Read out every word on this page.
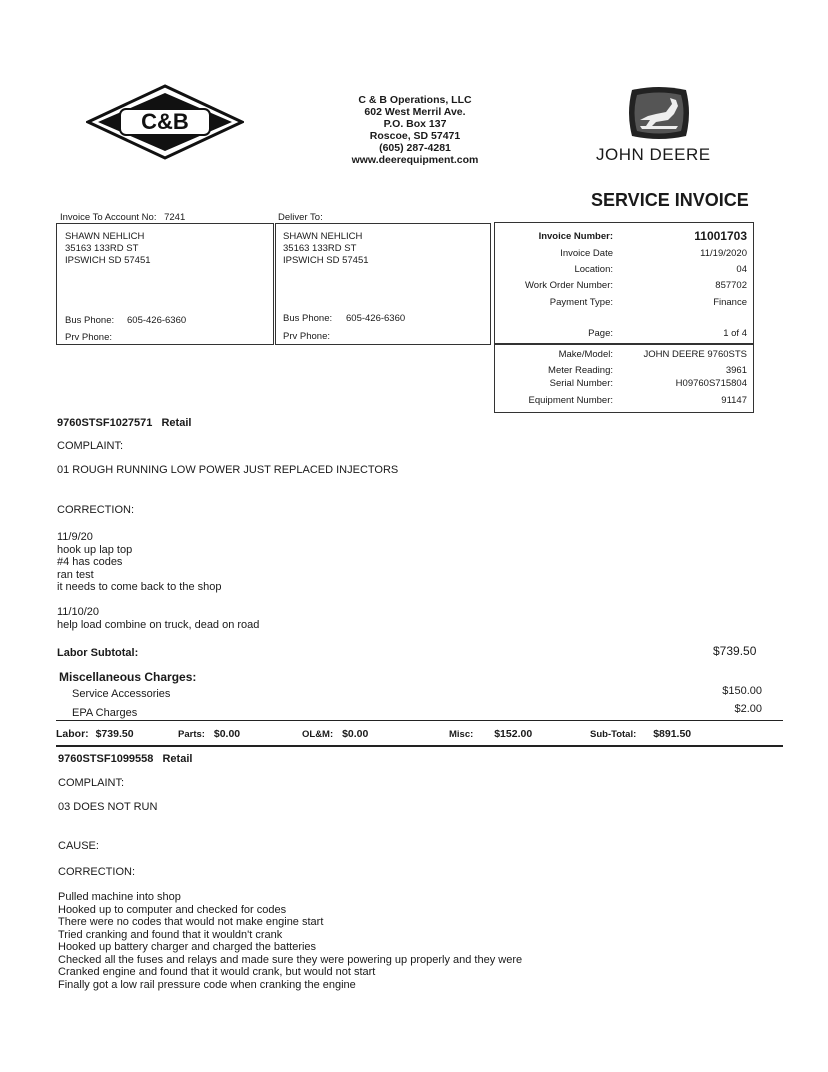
C&B
C & B Operations, LLC
602 West Merril Ave.
P.O. Box 137
Roscoe, SD 57471
(605) 287-4281
www.deerequipment.com	JOHN DEERE
SERVICE INVOICE
Invoice To Account No: 7241	Deliver To:
SHAWN NEHLICH
35163 133RD ST
IPSWICH SD 57451
Bus Phone: 605-426-6360
Prv Phone:
SHAWN NEHLICH
35163 133RD ST
IPSWICH SD 57451
Bus Phone: 605-426-6360
Prv Phone:
Invoice Number:	11001703
Invoice Date	11/19/2020
Location:	04
Work Order Number:	857702
Payment Type:	Finance
Page:	1 of 4
Make/Model:	JOHN DEERE 9760STS
Meter Reading:	3961
Serial Number:	H09760S715804
Equipment Number:	91147
9760STSF1027571 Retail
COMPLAINT:
01 ROUGH RUNNING LOW POWER JUST REPLACED INJECTORS
CORRECTION:
11/9/20
hook up lap top
#4 has codes
ran test
it needs to come back to the shop
11/10/20
help load combine on truck, dead on road
Labor Subtotal:	$739.50
Miscellaneous Charges:
Service Accessories	$150.00
EPA Charges	$2.00
Labor: $739.50	Parts: $0.00	OL&M: $0.00	Misc: $152.00	Sub-Total: $891.50
9760STSF1099558 Retail
COMPLAINT:
03 DOES NOT RUN
CAUSE:
CORRECTION:
Pulled machine into shop
Hooked up to computer and checked for codes
There were no codes that would not make engine start
Tried cranking and found that it wouldn't crank
Hooked up battery charger and charged the batteries
Checked all the fuses and relays and made sure they were powering up properly and they were
Cranked engine and found that it would crank, but would not start
Finally got a low rail pressure code when cranking the engine
